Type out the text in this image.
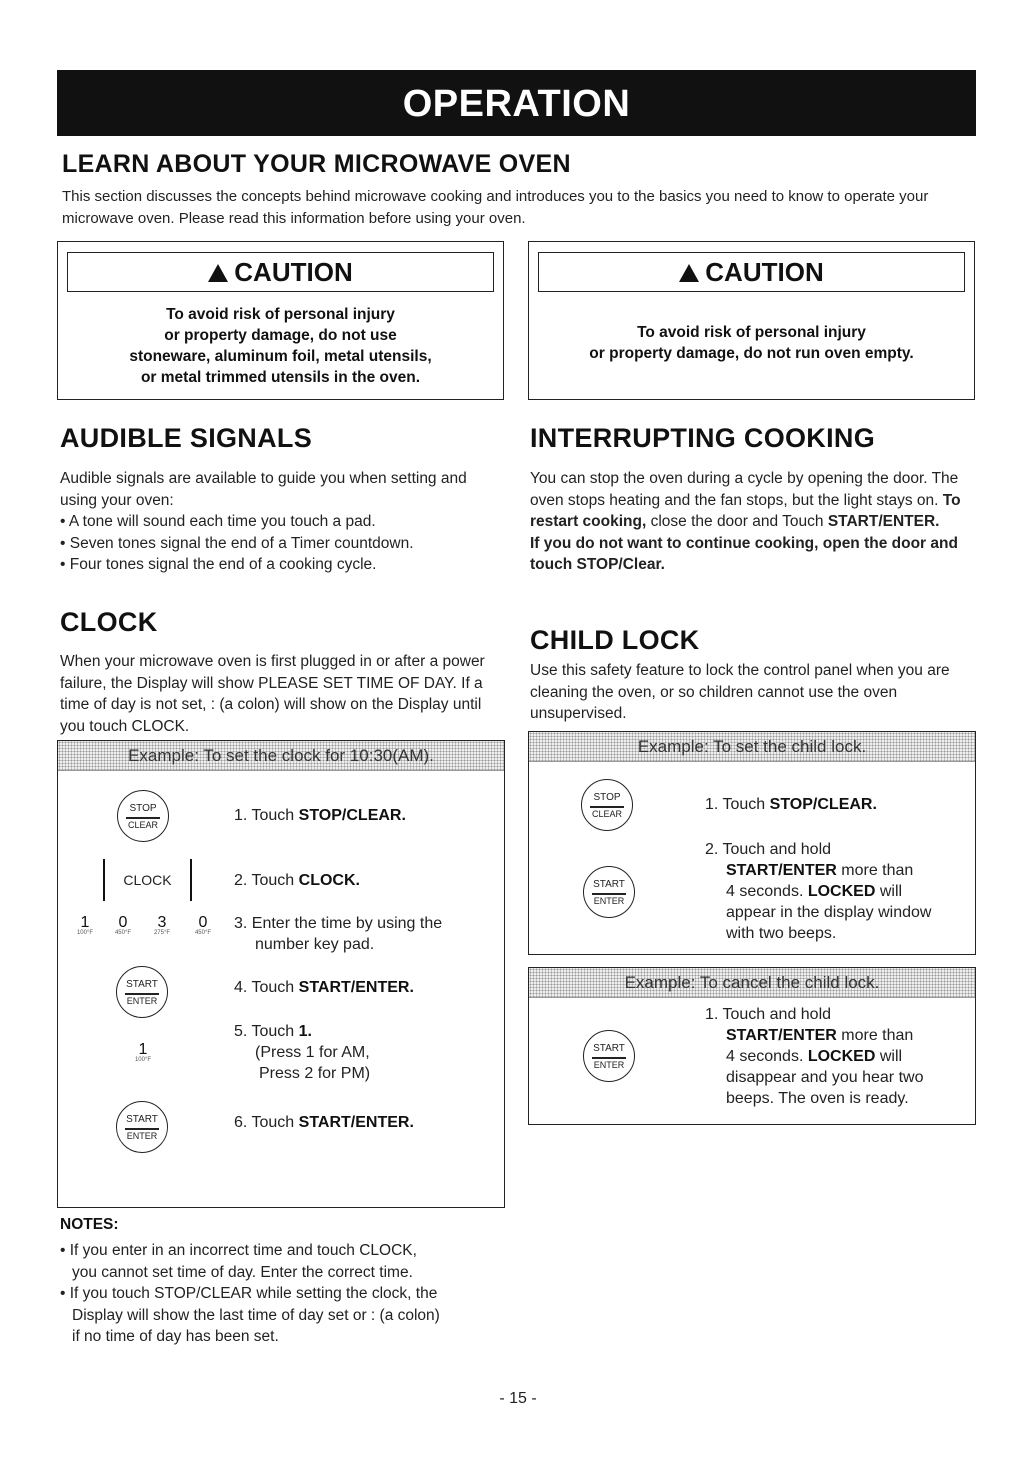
OPERATION
LEARN ABOUT YOUR MICROWAVE OVEN
This section discusses the concepts behind microwave cooking and introduces you to the basics you need to know to operate your microwave oven. Please read this information before using your oven.
!CAUTION
To avoid risk of personal injury
or property damage, do not use
stoneware, aluminum foil, metal utensils,
or metal trimmed utensils in the oven.
!CAUTION
To avoid risk of personal injury
or property damage, do not run oven empty.
AUDIBLE SIGNALS
Audible signals are available to guide you when setting and using your oven:
• A tone will sound each time you touch a pad.
• Seven tones signal the end of a Timer countdown.
• Four tones signal the end of a cooking cycle.
CLOCK
When your microwave oven is first plugged in or after a power failure, the Display will show PLEASE SET TIME OF DAY. If a time of day is not set, : (a colon) will show on the Display until you touch CLOCK.
Example: To set the clock for 10:30(AM).
STOP
CLEAR
1. Touch STOP/CLEAR.
CLOCK	2. Touch CLOCK.
1
100°F
0
450°F
3
275°F
0
450°F
3. Enter the time by using the
number key pad.
START
ENTER
4. Touch START/ENTER.
1
100°F
5. Touch 1.
(Press 1 for AM,
Press 2 for PM)
START
ENTER
6. Touch START/ENTER.
NOTES:
• If you enter in an incorrect time and touch CLOCK,
you cannot set time of day. Enter the correct time.
• If you touch STOP/CLEAR while setting the clock, the
Display will show the last time of day set or : (a colon)
if no time of day has been set.
INTERRUPTING COOKING
You can stop the oven during a cycle by opening the door. The oven stops heating and the fan stops, but the light stays on. To restart cooking, close the door and Touch START/ENTER.
If you do not want to continue cooking, open the door and touch STOP/Clear.
CHILD LOCK
Use this safety feature to lock the control panel when you are cleaning the oven, or so children cannot use the oven unsupervised.
Example: To set the child lock.
STOP
CLEAR
1. Touch STOP/CLEAR.
START
ENTER
2. Touch and hold
START/ENTER more than
4 seconds. LOCKED will
appear in the display window
with two beeps.
Example: To cancel the child lock.
START
ENTER
1. Touch and hold
START/ENTER more than
4 seconds. LOCKED will
disappear and you hear two
beeps. The oven is ready.
- 15 -
